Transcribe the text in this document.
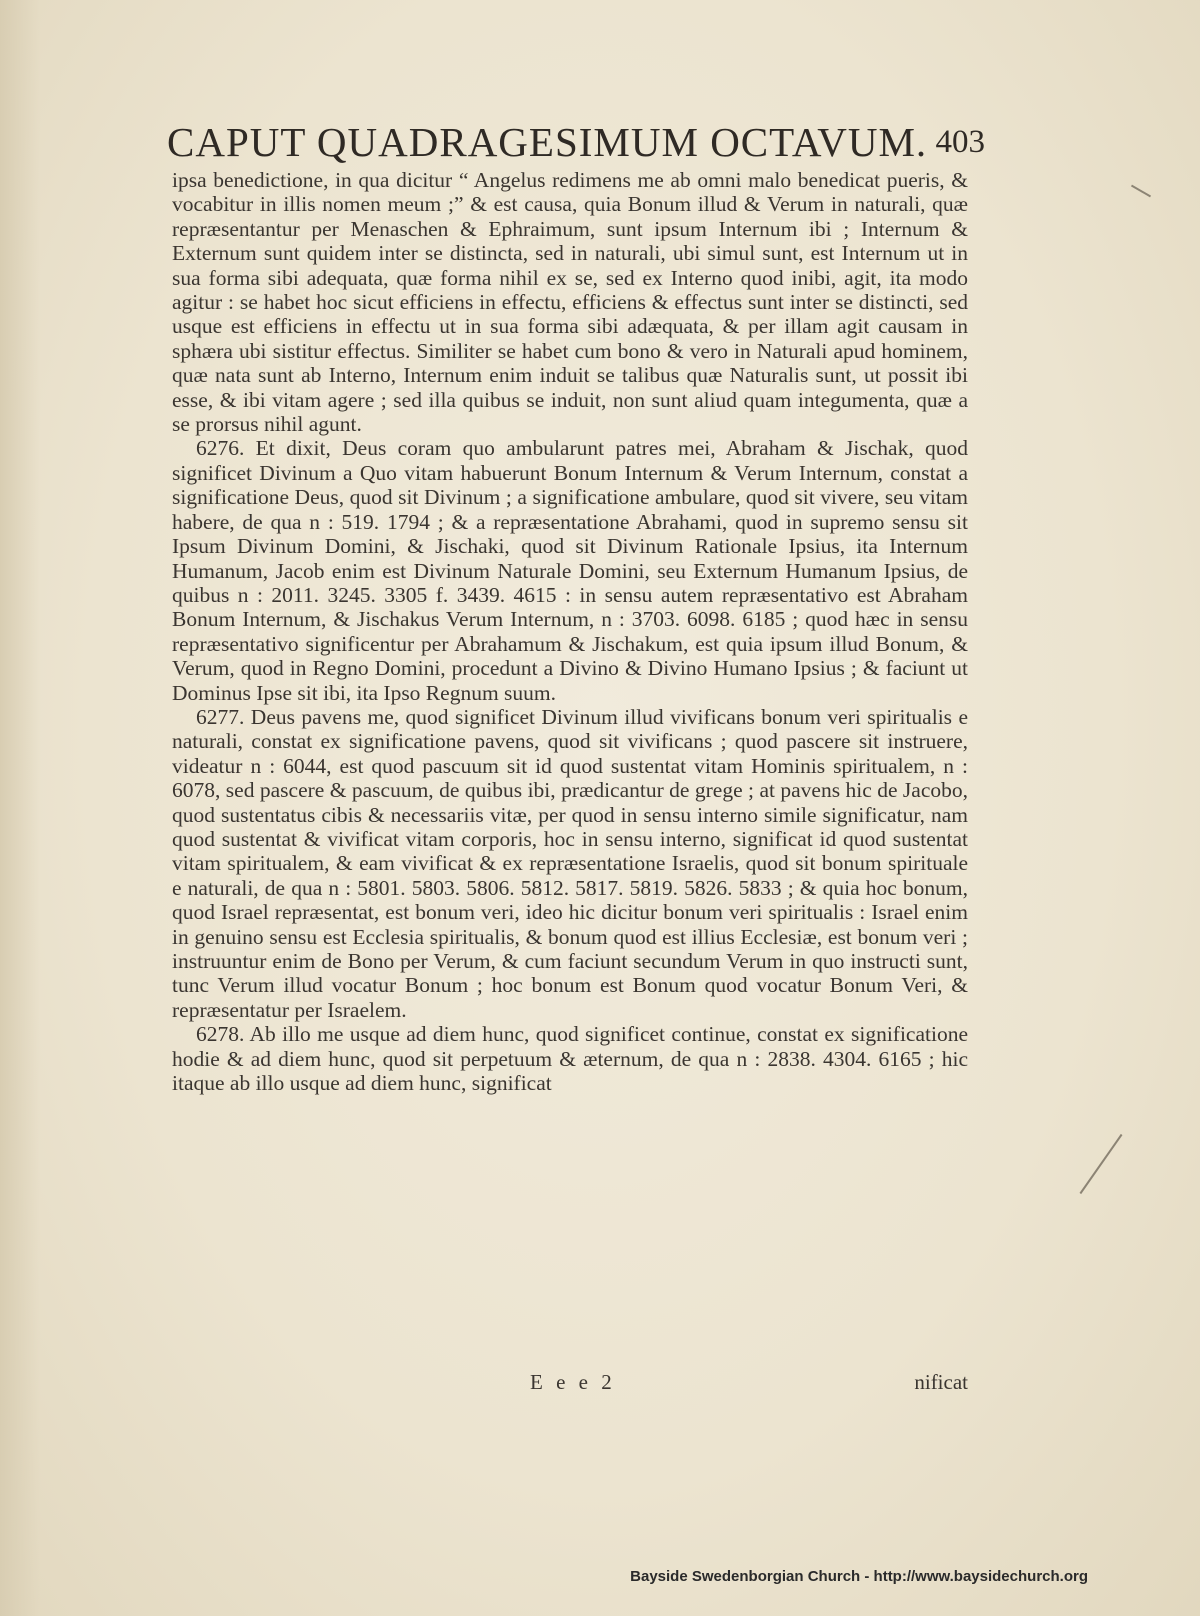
CAPUT QUADRAGESIMUM OCTAVUM. 403

ipsa benedictione, in qua dicitur “ Angelus redimens me ab omni malo benedicat pueris, & vocabitur in illis nomen meum ;” & est causa, quia Bonum illud & Verum in naturali, quæ repræsentantur per Menaschen & Ephraimum, sunt ipsum Internum ibi ; Internum & Externum sunt quidem inter se distincta, sed in naturali, ubi simul sunt, est Internum ut in sua forma sibi adequata, quæ forma nihil ex se, sed ex Interno quod inibi, agit, ita modo agitur : se habet hoc sicut efficiens in effectu, efficiens & effectus sunt inter se distincti, sed usque est efficiens in effectu ut in sua forma sibi adæquata, & per illam agit causam in sphæra ubi sistitur effectus. Similiter se habet cum bono & vero in Naturali apud hominem, quæ nata sunt ab Interno, Internum enim induit se talibus quæ Naturalis sunt, ut possit ibi esse, & ibi vitam agere ; sed illa quibus se induit, non sunt aliud quam integumenta, quæ a se prorsus nihil agunt.

6276. Et dixit, Deus coram quo ambularunt patres mei, Abraham & Jischak, quod significet Divinum a Quo vitam habuerunt Bonum Internum & Verum Internum, constat a significatione Deus, quod sit Divinum ; a significatione ambulare, quod sit vivere, seu vitam habere, de qua n : 519. 1794 ; & a repræsentatione Abrahami, quod in supremo sensu sit Ipsum Divinum Domini, & Jischaki, quod sit Divinum Rationale Ipsius, ita Internum Humanum, Jacob enim est Divinum Naturale Domini, seu Externum Humanum Ipsius, de quibus n : 2011. 3245. 3305 f. 3439. 4615 : in sensu autem repræsentativo est Abraham Bonum Internum, & Jischakus Verum Internum, n : 3703. 6098. 6185 ; quod hæc in sensu repræsentativo significentur per Abrahamum & Jischakum, est quia ipsum illud Bonum, & Verum, quod in Regno Domini, procedunt a Divino & Divino Humano Ipsius ; & faciunt ut Dominus Ipse sit ibi, ita Ipso Regnum suum.

6277. Deus pavens me, quod significet Divinum illud vivificans bonum veri spiritualis e naturali, constat ex significatione pavens, quod sit vivificans ; quod pascere sit instruere, videatur n : 6044, est quod pascuum sit id quod sustentat vitam Hominis spiritualem, n : 6078, sed pascere & pascuum, de quibus ibi, prædicantur de grege ; at pavens hic de Jacobo, quod sustentatus cibis & necessariis vitæ, per quod in sensu interno simile significatur, nam quod sustentat & vivificat vitam corporis, hoc in sensu interno, significat id quod sustentat vitam spiritualem, & eam vivificat & ex repræsentatione Israelis, quod sit bonum spirituale e naturali, de qua n : 5801. 5803. 5806. 5812. 5817. 5819. 5826. 5833 ; & quia hoc bonum, quod Israel repræsentat, est bonum veri, ideo hic dicitur bonum veri spiritualis : Israel enim in genuino sensu est Ecclesia spiritualis, & bonum quod est illius Ecclesiæ, est bonum veri ; instruuntur enim de Bono per Verum, & cum faciunt secundum Verum in quo instructi sunt, tunc Verum illud vocatur Bonum ; hoc bonum est Bonum quod vocatur Bonum Veri, & repræsentatur per Israelem.

6278. Ab illo me usque ad diem hunc, quod significet continue, constat ex significatione hodie & ad diem hunc, quod sit perpetuum & æternum, de qua n : 2838. 4304. 6165 ; hic itaque ab illo usque ad diem hunc, significat

E e e 2	nificat
Bayside Swedenborgian Church - http://www.baysidechurch.org
